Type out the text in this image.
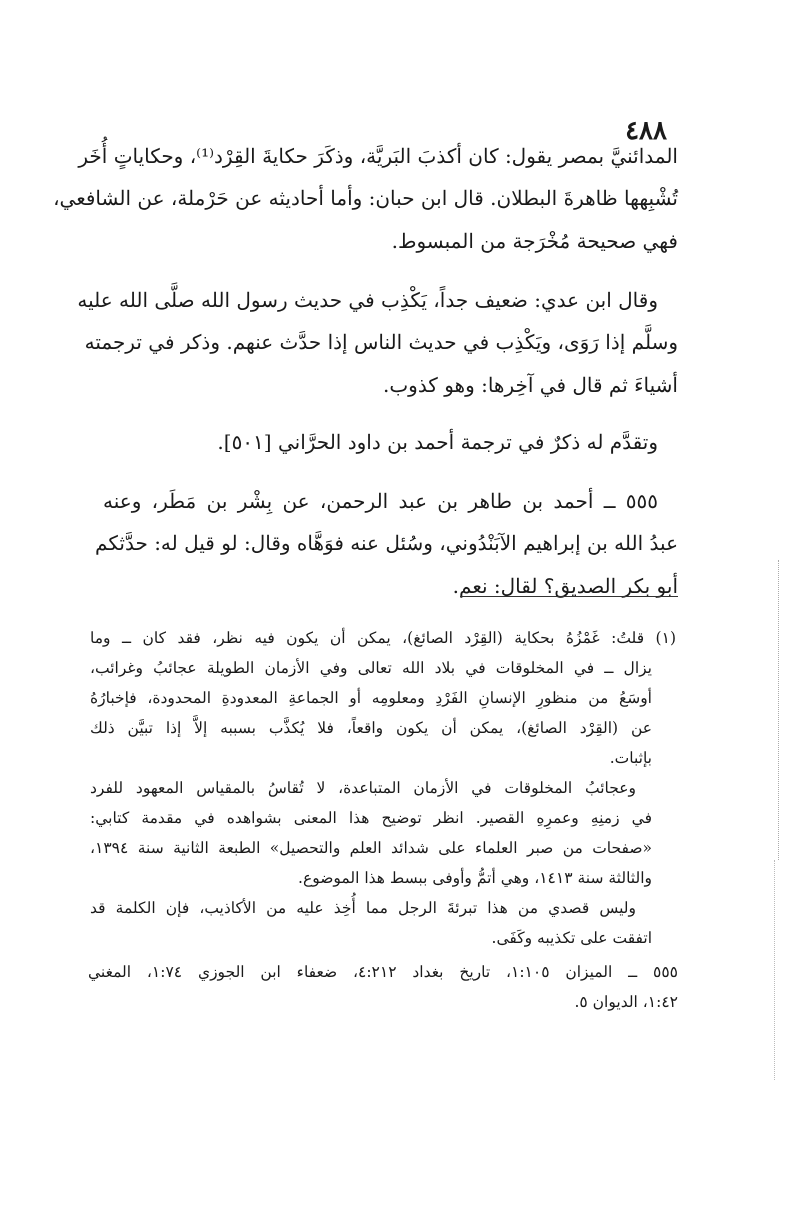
٤٨٨
المدائنيَّ بمصر يقول: كان أكذبَ البَريَّة، وذكَرَ حكايةَ القِرْد⁽¹⁾، وحكاياتٍ أُخَر
تُشْبِهها ظاهرةَ البطلان. قال ابن حبان: وأما أحاديثه عن حَرْملة، عن الشافعي،
فهي صحيحة مُخْرَجة من المبسوط.
وقال ابن عدي: ضعيف جداً، يَكْذِب في حديث رسول الله صلَّى الله عليه
وسلَّم إذا رَوَى، ويَكْذِب في حديث الناس إذا حدَّث عنهم. وذكر في ترجمته
أشياءَ ثم قال في آخِرها: وهو كذوب.
وتقدَّم له ذكرٌ في ترجمة أحمد بن داود الحرَّاني [٥٠١].
٥٥٥ ــ أحمد بن طاهر بن عبد الرحمن، عن بِشْر بن مَطَر، وعنه
عبدُ الله بن إبراهيم الآبَنْدُوني، وسُئل عنه فوَهَّاه وقال: لو قيل له: حدَّثكم
أبو بكر الصديق؟ لقال: نعم.
(١) قلتُ: غَمْزُهُ بحكاية (القِرْد الصائغ)، يمكن أن يكون فيه نظر، فقد كان ــ وما
يزال ــ في المخلوقات في بلاد الله تعالى وفي الأزمان الطويلة عجائبُ وغرائب،
أوسَعُ من منظورِ الإنسانِ الفَرْدِ ومعلومِه أو الجماعةِ المعدودةِ المحدودة، فإخبارُهُ
عن (القِرْد الصائغ)، يمكن أن يكون واقعاً، فلا يُكذَّب بسببه إلاَّ إذا تبيَّن ذلك
بإثبات.
وعجائبُ المخلوقات في الأزمان المتباعدة، لا تُقاسُ بالمقياس المعهود للفرد
في زمنِهِ وعمرِهِ القصير. انظر توضيح هذا المعنى بشواهده في مقدمة كتابي:
«صفحات من صبر العلماء على شدائد العلم والتحصيل» الطبعة الثانية سنة ١٣٩٤،
والثالثة سنة ١٤١٣، وهي أتمُّ وأوفى ببسط هذا الموضوع.
وليس قصدي من هذا تبرئةَ الرجل مما أُخِذ عليه من الأكاذيب، فإن الكلمة قد
اتفقت على تكذيبه وكَفَى.
٥٥٥ ــ الميزان ١:١٠٥، تاريخ بغداد ٤:٢١٢، ضعفاء ابن الجوزي ١:٧٤، المغني
١:٤٢، الديوان ٥.
